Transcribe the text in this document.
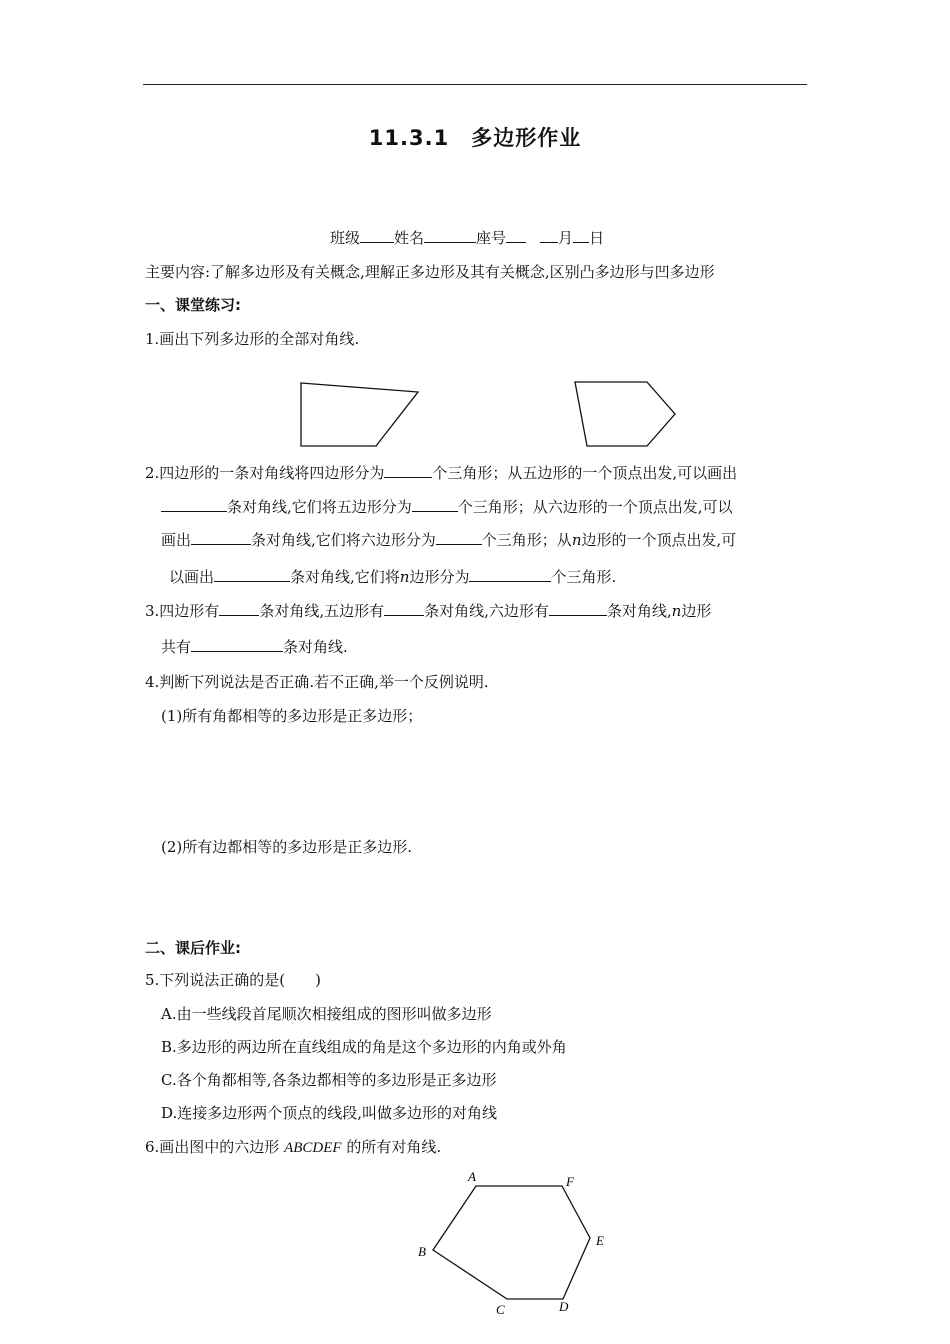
11.3.1　多边形作业
班级 姓名	座号	月 日
主要内容:了解多边形及有关概念,理解正多边形及其有关概念,区别凸多边形与凹多边形
一、课堂练习:
1.画出下列多边形的全部对角线.
2.四边形的一条对角线将四边形分为	个三角形；从五边形的一个顶点出发,可以画出
条对角线,它们将五边形分为	个三角形；从六边形的一个顶点出发,可以
画出	条对角线,它们将六边形分为	个三角形；从n边形的一个顶点出发,可
以画出	条对角线,它们将n边形分为	个三角形.
3.四边形有	条对角线,五边形有	条对角线,六边形有	条对角线,n边形
共有	条对角线.
4.判断下列说法是否正确.若不正确,举一个反例说明.
(1)所有角都相等的多边形是正多边形；
(2)所有边都相等的多边形是正多边形.
二、课后作业:
5.下列说法正确的是(　　)
A.由一些线段首尾顺次相接组成的图形叫做多边形
B.多边形的两边所在直线组成的角是这个多边形的内角或外角
C.各个角都相等,各条边都相等的多边形是正多边形
D.连接多边形两个顶点的线段,叫做多边形的对角线
6.画出图中的六边形 ABCDEF 的所有对角线.
A	F
E
D
C
B
